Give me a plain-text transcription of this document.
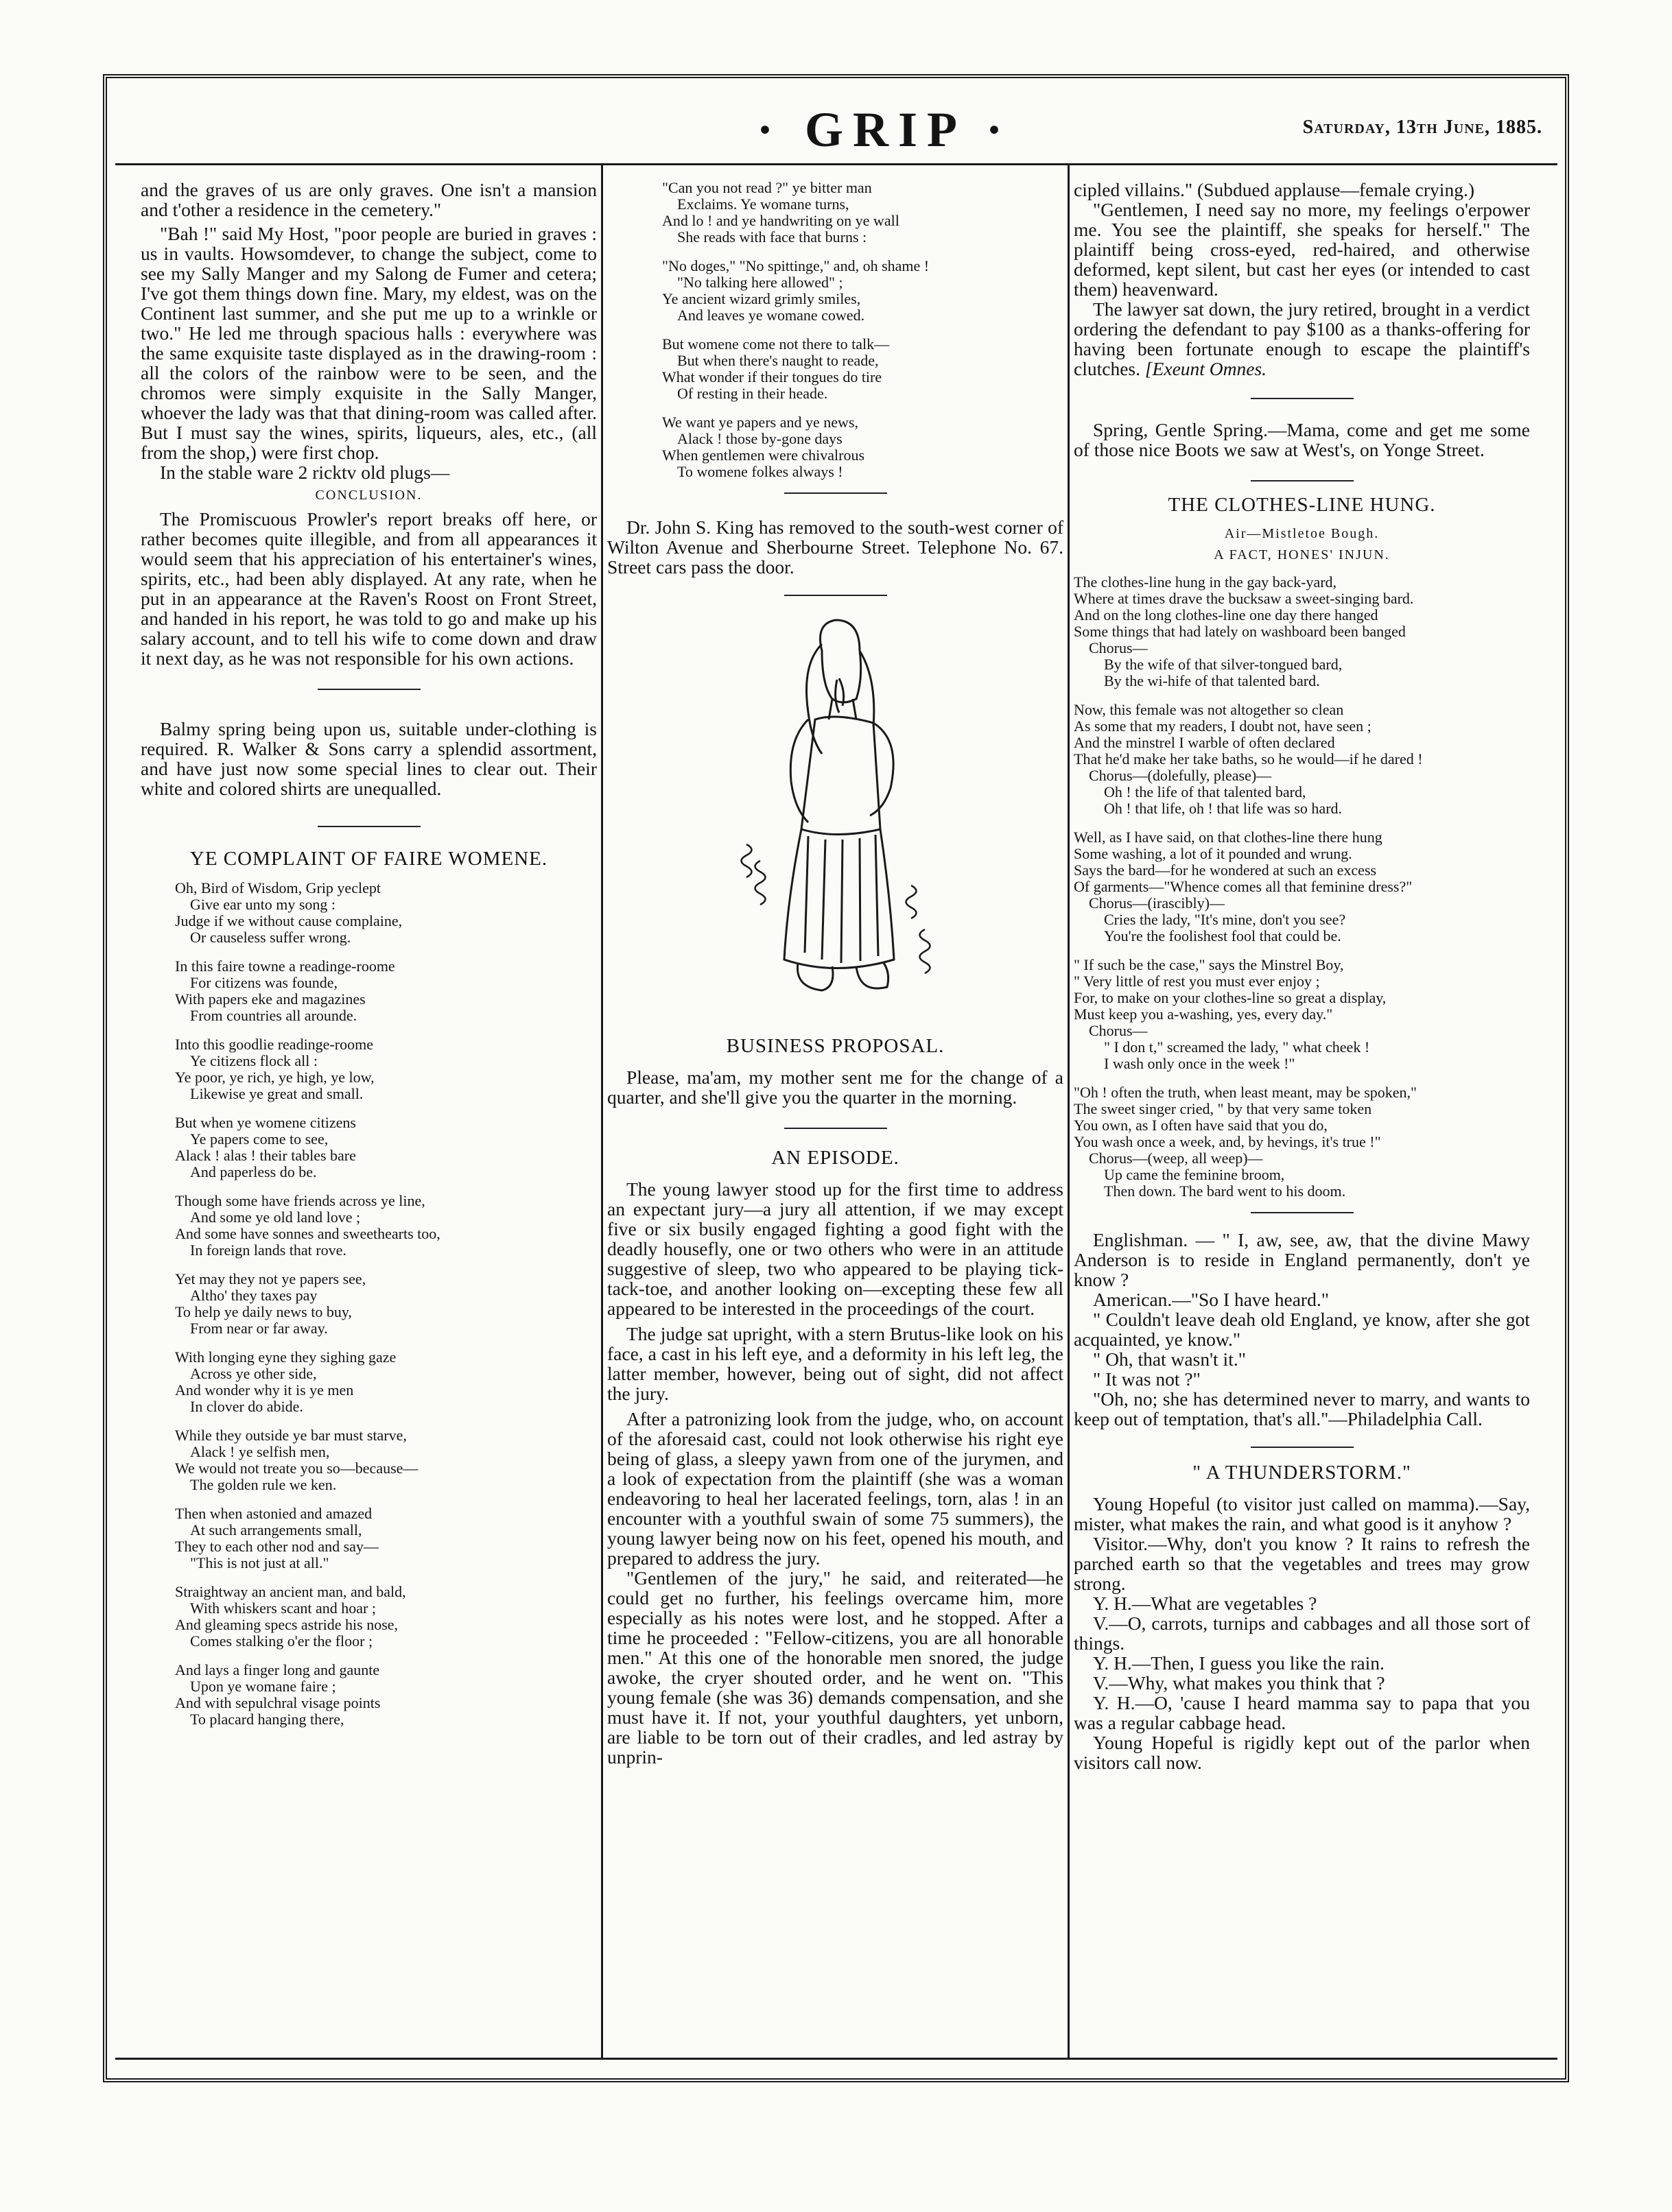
· GRIP ·	Saturday, 13th June, 1885.

and the graves of us are only graves. One isn't a mansion and t'other a residence in the cemetery."

"Bah !" said My Host, "poor people are buried in graves : us in vaults. Howsomdever, to change the subject, come to see my Sally Manger and my Salong de Fumer and cetera; I've got them things down fine. Mary, my eldest, was on the Continent last summer, and she put me up to a wrinkle or two." He led me through spacious halls : everywhere was the same exquisite taste displayed as in the drawing-room : all the colors of the rainbow were to be seen, and the chromos were simply exquisite in the Sally Manger, whoever the lady was that that dining-room was called after. But I must say the wines, spirits, liqueurs, ales, etc., (all from the shop,) were first chop.

In the stable ware 2 ricktv old plugs—

CONCLUSION.

The Promiscuous Prowler's report breaks off here, or rather becomes quite illegible, and from all appearances it would seem that his appreciation of his entertainer's wines, spirits, etc., had been ably displayed. At any rate, when he put in an appearance at the Raven's Roost on Front Street, and handed in his report, he was told to go and make up his salary account, and to tell his wife to come down and draw it next day, as he was not responsible for his own actions.

Balmy spring being upon us, suitable under-clothing is required. R. Walker & Sons carry a splendid assortment, and have just now some special lines to clear out. Their white and colored shirts are unequalled.

YE COMPLAINT OF FAIRE WOMENE.
Oh, Bird of Wisdom, Grip yeclept
Give ear unto my song :
Judge if we without cause complaine,
Or causeless suffer wrong.
In this faire towne a readinge-roome
For citizens was founde,
With papers eke and magazines
From countries all arounde.
Into this goodlie readinge-roome
Ye citizens flock all :
Ye poor, ye rich, ye high, ye low,
Likewise ye great and small.
But when ye womene citizens
Ye papers come to see,
Alack ! alas ! their tables bare
And paperless do be.
Though some have friends across ye line,
And some ye old land love ;
And some have sonnes and sweethearts too,
In foreign lands that rove.
Yet may they not ye papers see,
Altho' they taxes pay
To help ye daily news to buy,
From near or far away.
With longing eyne they sighing gaze
Across ye other side,
And wonder why it is ye men
In clover do abide.
While they outside ye bar must starve,
Alack ! ye selfish men,
We would not treate you so—because—
The golden rule we ken.
Then when astonied and amazed
At such arrangements small,
They to each other nod and say—
"This is not just at all."
Straightway an ancient man, and bald,
With whiskers scant and hoar ;
And gleaming specs astride his nose,
Comes stalking o'er the floor ;
And lays a finger long and gaunte
Upon ye womane faire ;
And with sepulchral visage points
To placard hanging there,
"Can you not read ?" ye bitter man
Exclaims. Ye womane turns,
And lo ! and ye handwriting on ye wall
She reads with face that burns :
"No doges," "No spittinge," and, oh shame !
"No talking here allowed" ;
Ye ancient wizard grimly smiles,
And leaves ye womane cowed.
But womene come not there to talk—
But when there's naught to reade,
What wonder if their tongues do tire
Of resting in their heade.
We want ye papers and ye news,
Alack ! those by-gone days
When gentlemen were chivalrous
To womene folkes always !

Dr. John S. King has removed to the south-west corner of Wilton Avenue and Sherbourne Street. Telephone No. 67. Street cars pass the door.

BUSINESS PROPOSAL.

Please, ma'am, my mother sent me for the change of a quarter, and she'll give you the quarter in the morning.

AN EPISODE.

The young lawyer stood up for the first time to address an expectant jury—a jury all attention, if we may except five or six busily engaged fighting a good fight with the deadly housefly, one or two others who were in an attitude suggestive of sleep, two who appeared to be playing tick-tack-toe, and another looking on—excepting these few all appeared to be interested in the proceedings of the court.

The judge sat upright, with a stern Brutus-like look on his face, a cast in his left eye, and a deformity in his left leg, the latter member, however, being out of sight, did not affect the jury.

After a patronizing look from the judge, who, on account of the aforesaid cast, could not look otherwise his right eye being of glass, a sleepy yawn from one of the jurymen, and a look of expectation from the plaintiff (she was a woman endeavoring to heal her lacerated feelings, torn, alas ! in an encounter with a youthful swain of some 75 summers), the young lawyer being now on his feet, opened his mouth, and prepared to address the jury.

"Gentlemen of the jury," he said, and reiterated—he could get no further, his feelings overcame him, more especially as his notes were lost, and he stopped. After a time he proceeded : "Fellow-citizens, you are all honorable men." At this one of the honorable men snored, the judge awoke, the cryer shouted order, and he went on. "This young female (she was 36) demands compensation, and she must have it. If not, your youthful daughters, yet unborn, are liable to be torn out of their cradles, and led astray by unprin-

cipled villains." (Subdued applause—female crying.)

"Gentlemen, I need say no more, my feelings o'erpower me. You see the plaintiff, she speaks for herself." The plaintiff being cross-eyed, red-haired, and otherwise deformed, kept silent, but cast her eyes (or intended to cast them) heavenward.

The lawyer sat down, the jury retired, brought in a verdict ordering the defendant to pay $100 as a thanks-offering for having been fortunate enough to escape the plaintiff's clutches. [Exeunt Omnes.

Spring, Gentle Spring.—Mama, come and get me some of those nice Boots we saw at West's, on Yonge Street.

THE CLOTHES-LINE HUNG.
Air—Mistletoe Bough.
A FACT, HONES' INJUN.
The clothes-line hung in the gay back-yard,
Where at times drave the bucksaw a sweet-singing bard.
And on the long clothes-line one day there hanged
Some things that had lately on washboard been banged
Chorus—
By the wife of that silver-tongued bard,
By the wi-hife of that talented bard.
Now, this female was not altogether so clean
As some that my readers, I doubt not, have seen ;
And the minstrel I warble of often declared
That he'd make her take baths, so he would—if he dared !
Chorus—(dolefully, please)—
Oh ! the life of that talented bard,
Oh ! that life, oh ! that life was so hard.
Well, as I have said, on that clothes-line there hung
Some washing, a lot of it pounded and wrung.
Says the bard—for he wondered at such an excess
Of garments—"Whence comes all that feminine dress?"
Chorus—(irascibly)—
Cries the lady, "It's mine, don't you see?
You're the foolishest fool that could be.
" If such be the case," says the Minstrel Boy,
" Very little of rest you must ever enjoy ;
For, to make on your clothes-line so great a display,
Must keep you a-washing, yes, every day."
Chorus—
" I don t," screamed the lady, " what cheek !
I wash only once in the week !"
"Oh ! often the truth, when least meant, may be spoken,"
The sweet singer cried, " by that very same token
You own, as I often have said that you do,
You wash once a week, and, by hevings, it's true !"
Chorus—(weep, all weep)—
Up came the feminine broom,
Then down. The bard went to his doom.

Englishman. — " I, aw, see, aw, that the divine Mawy Anderson is to reside in England permanently, don't ye know ?

American.—"So I have heard."

" Couldn't leave deah old England, ye know, after she got acquainted, ye know."

" Oh, that wasn't it."

" It was not ?"

"Oh, no; she has determined never to marry, and wants to keep out of temptation, that's all."—Philadelphia Call.

" A THUNDERSTORM."

Young Hopeful (to visitor just called on mamma).—Say, mister, what makes the rain, and what good is it anyhow ?

Visitor.—Why, don't you know ? It rains to refresh the parched earth so that the vegetables and trees may grow strong.

Y. H.—What are vegetables ?

V.—O, carrots, turnips and cabbages and all those sort of things.

Y. H.—Then, I guess you like the rain.

V.—Why, what makes you think that ?

Y. H.—O, 'cause I heard mamma say to papa that you was a regular cabbage head.

Young Hopeful is rigidly kept out of the parlor when visitors call now.
